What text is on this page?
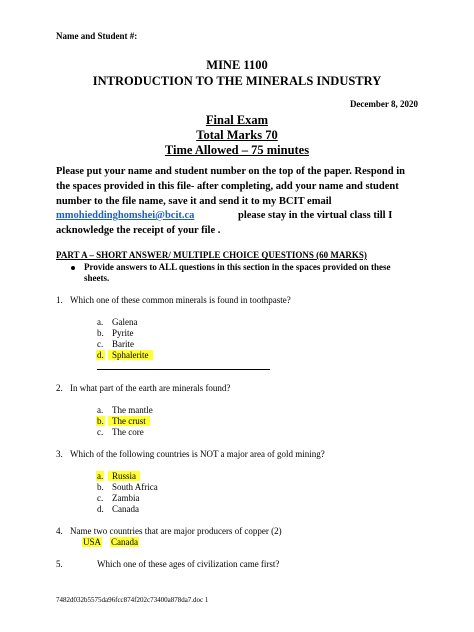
Name and Student #:
MINE 1100
INTRODUCTION TO THE MINERALS INDUSTRY
December 8, 2020
Final Exam
Total Marks 70
Time Allowed – 75 minutes
Please put your name and student number on the top of the paper. Respond in
the spaces provided in this file- after completing, add your name and student
number to the file name, save it and send it to my BCIT email
mmohieddinghomshei@bcit.ca	please stay in the virtual class till I
acknowledge the receipt of your file .
PART A – SHORT ANSWER/ MULTIPLE CHOICE QUESTIONS (60 MARKS)
Provide answers to ALL questions in this section in the spaces provided on these
sheets.
1. Which one of these common minerals is found in toothpaste?
a. Galena
b. Pyrite
c. Barite
d. Sphalerite
2. In what part of the earth are minerals found?
a. The mantle
b. The crust
c. The core
3. Which of the following countries is NOT a major area of gold mining?
a. Russia
b. South Africa
c. Zambia
d. Canada
4. Name two countries that are major producers of copper (2)
USA Canada
5.	Which one of these ages of civilization came first?
7482d032b5575da96fcc874f202c73400a878da7.doc 1
